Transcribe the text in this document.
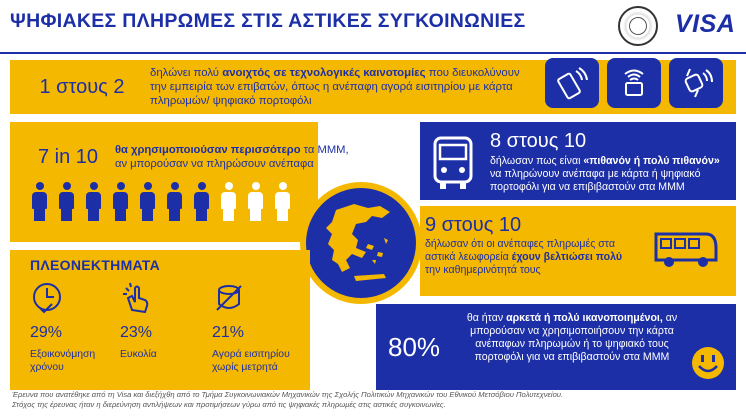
ΨΗΦΙΑΚΕΣ ΠΛΗΡΩΜΕΣ ΣΤΙΣ ΑΣΤΙΚΕΣ ΣΥΓΚΟΙΝΩΝΙΕΣ	VISA
1 στους 2
δηλώνει πολύ ανοιχτός σε τεχνολογικές καινοτομίες που διευκολύνουν την εμπειρία των επιβατών, όπως η ανέπαφη αγορά εισιτηρίου με κάρτα πληρωμών/ ψηφιακό πορτοφόλι
7 in 10 θα χρησιμοποιούσαν περισσότερο τα ΜΜΜ, αν μπορούσαν να πληρώσουν ανέπαφα
8 στους 10
δήλωσαν πως είναι «πιθανόν ή πολύ πιθανόν» να πληρώνουν ανέπαφα με κάρτα ή ψηφιακό πορτοφόλι για να επιβιβαστούν στα ΜΜΜ
9 στους 10
δήλωσαν ότι οι ανέπαφες πληρωμές στα αστικά λεωφορεία έχουν βελτιώσει πολύ την καθημερινότητά τους
80%
θα ήταν αρκετά ή πολύ ικανοποιημένοι, αν μπορούσαν να χρησιμοποιήσουν την κάρτα ανέπαφων πληρωμών ή το ψηφιακό τους πορτοφόλι για να επιβιβαστούν στα ΜΜΜ
ΠΛΕΟΝΕΚΤΗΜΑΤΑ
29%	23%	21%
Εξοικονόμηση χρόνου
Ευκολία	Αγορά εισιτηρίου χωρίς μετρητά
Έρευνα που ανατέθηκε από τη Visa και διεξήχθη από το Τμήμα Συγκοινωνιακών Μηχανικών της Σχολής Πολιτικών Μηχανικών του Εθνικού Μετσόβιου Πολυτεχνείου.
Στόχος της έρευνας ήταν η διερεύνηση αντιλήψεων και προτιμήσεων γύρω από τις ψηφιακές πληρωμές στις αστικές συγκοινωνίες.
